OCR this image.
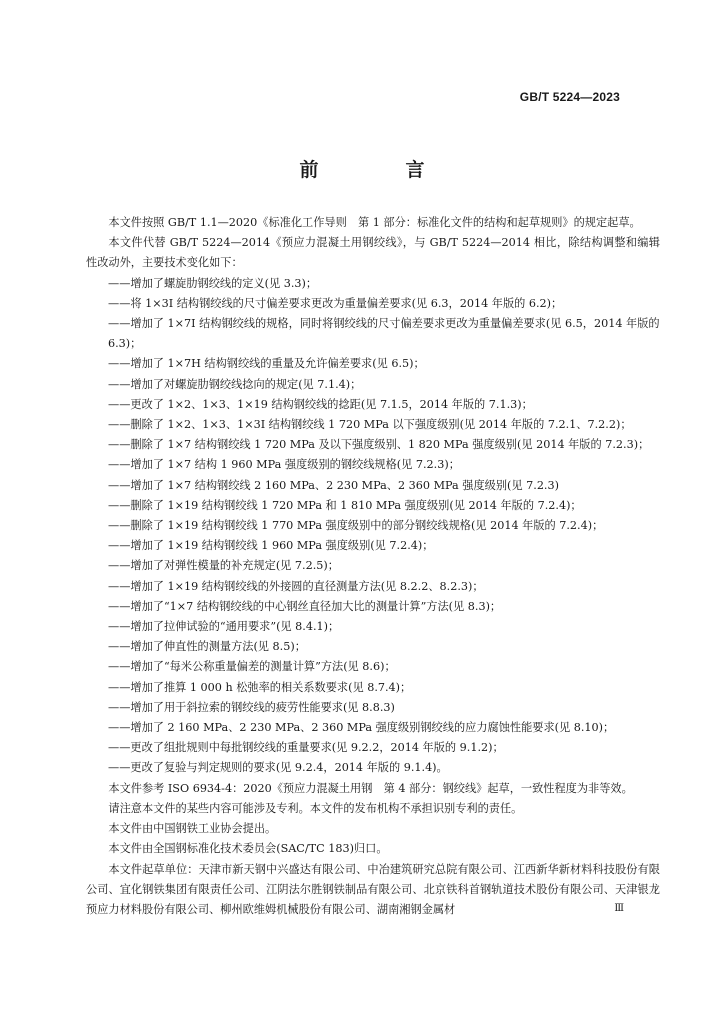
GB/T 5224—2023
前　言

本文件按照 GB/T 1.1—2020《标准化工作导则　第 1 部分：标准化文件的结构和起草规则》的规定起草。

本文件代替 GB/T 5224—2014《预应力混凝土用钢绞线》，与 GB/T 5224—2014 相比，除结构调整和编辑性改动外，主要技术变化如下：

——增加了螺旋肋钢绞线的定义(见 3.3)；

——将 1×3I 结构钢绞线的尺寸偏差要求更改为重量偏差要求(见 6.3，2014 年版的 6.2)；

——增加了 1×7I 结构钢绞线的规格，同时将钢绞线的尺寸偏差要求更改为重量偏差要求(见 6.5，2014 年版的 6.3)；

——增加了 1×7H 结构钢绞线的重量及允许偏差要求(见 6.5)；

——增加了对螺旋肋钢绞线捻向的规定(见 7.1.4)；

——更改了 1×2、1×3、1×19 结构钢绞线的捻距(见 7.1.5，2014 年版的 7.1.3)；

——删除了 1×2、1×3、1×3I 结构钢绞线 1 720 MPa 以下强度级别(见 2014 年版的 7.2.1、7.2.2)；

——删除了 1×7 结构钢绞线 1 720 MPa 及以下强度级别、1 820 MPa 强度级别(见 2014 年版的 7.2.3)；

——增加了 1×7 结构 1 960 MPa 强度级别的钢绞线规格(见 7.2.3)；

——增加了 1×7 结构钢绞线 2 160 MPa、2 230 MPa、2 360 MPa 强度级别(见 7.2.3)

——删除了 1×19 结构钢绞线 1 720 MPa 和 1 810 MPa 强度级别(见 2014 年版的 7.2.4)；

——删除了 1×19 结构钢绞线 1 770 MPa 强度级别中的部分钢绞线规格(见 2014 年版的 7.2.4)；

——增加了 1×19 结构钢绞线 1 960 MPa 强度级别(见 7.2.4)；

——增加了对弹性模量的补充规定(见 7.2.5)；

——增加了 1×19 结构钢绞线的外接圆的直径测量方法(见 8.2.2、8.2.3)；

——增加了“1×7 结构钢绞线的中心钢丝直径加大比的测量计算”方法(见 8.3)；

——增加了拉伸试验的“通用要求”(见 8.4.1)；

——增加了伸直性的测量方法(见 8.5)；

——增加了“每米公称重量偏差的测量计算”方法(见 8.6)；

——增加了推算 1 000 h 松弛率的相关系数要求(见 8.7.4)；

——增加了用于斜拉索的钢绞线的疲劳性能要求(见 8.8.3)

——增加了 2 160 MPa、2 230 MPa、2 360 MPa 强度级别钢绞线的应力腐蚀性能要求(见 8.10)；

——更改了组批规则中每批钢绞线的重量要求(见 9.2.2，2014 年版的 9.1.2)；

——更改了复验与判定规则的要求(见 9.2.4，2014 年版的 9.1.4)。

本文件参考 ISO 6934-4：2020《预应力混凝土用钢　第 4 部分：钢绞线》起草，一致性程度为非等效。

请注意本文件的某些内容可能涉及专利。本文件的发布机构不承担识别专利的责任。

本文件由中国钢铁工业协会提出。

本文件由全国钢标准化技术委员会(SAC/TC 183)归口。

本文件起草单位：天津市新天钢中兴盛达有限公司、中冶建筑研究总院有限公司、江西新华新材料科技股份有限公司、宜化钢铁集团有限责任公司、江阴法尔胜钢铁制品有限公司、北京铁科首钢轨道技术股份有限公司、天津银龙预应力材料股份有限公司、柳州欧维姆机械股份有限公司、湖南湘钢金属材	Ⅲ
